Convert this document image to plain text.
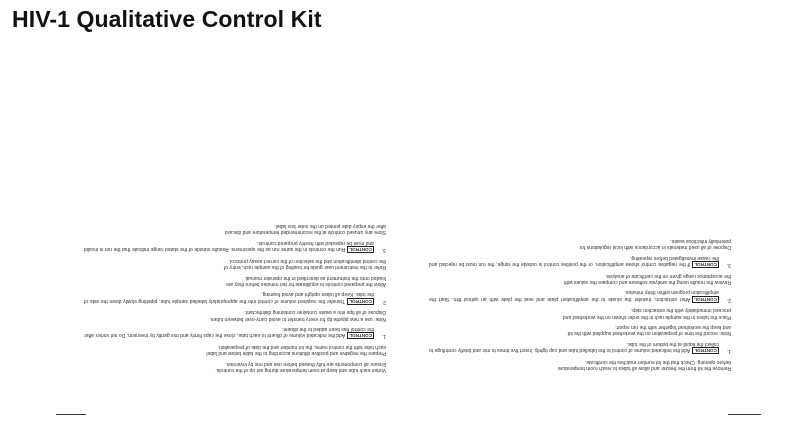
HIV-1 Qualitative Control Kit
Vortex each tube and keep at room temperature during set up of the controls.
Ensure all components are fully thawed before use and mix by inversion.
Prepare the negative and positive dilutions according to the table below and label
each tube with the control name, the lot number and the date of preparation.
1.CONTROLAdd the indicated volume of diluent to each tube, close the caps firmly and mix gently by inversion. Do not vortex after the control has been added to the diluent.
Note: use a new pipette tip for every transfer to avoid carry-over between tubes.
Dispose of all tips into a waste container containing disinfectant.
2.CONTROLTransfer the required volume of control into the appropriately labelled sample tube, pipetting slowly down the side of the tube. Keep all tubes upright and avoid foaming.
Allow the prepared controls to equilibrate for ten minutes before they are
loaded onto the instrument as described in the operator manual.
Refer to the instrument user guide for loading of the sample rack, entry of
the control identification and the selection of the correct assay protocol.
3.CONTROLRun the controls in the same run as the specimens. Results outside of the stated range indicate that the run is invalid and must be repeated with freshly prepared controls.
Store any unused controls at the recommended temperature and discard
after the expiry date printed on the outer box label.
Remove the kit from the freezer and allow all tubes to reach room temperature
before opening. Check that the lot number matches the certificate.
1.CONTROLAdd the indicated volume of control to the labelled tube and cap tightly. Invert five times to mix and briefly centrifuge to collect the liquid at the bottom of the tube.
Note: record the time of preparation on the worksheet supplied with the kit
and keep the worksheet together with the run report.
Place the tubes in the sample rack in the order shown on the worksheet and
proceed immediately with the extraction step.
2.CONTROLAfter extraction, transfer the eluate to the amplification plate and seal the plate with an optical film. Start the amplification program within thirty minutes.
Review the results using the analysis software and compare the values with
the acceptance range given on the certificate of analysis.
3.CONTROLIf the negative control shows amplification, or the positive control is outside the range, the run must be rejected and the cause investigated before repeating.
Dispose of all used materials in accordance with local regulations for
potentially infectious waste.
